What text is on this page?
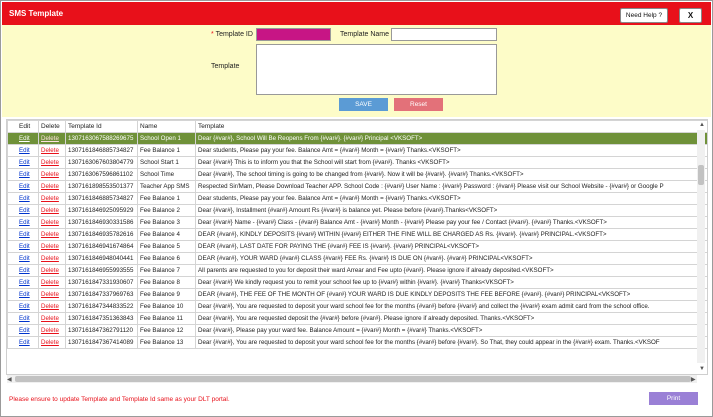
SMS Template	Need Help ?	X
* Template ID	Template Name
Template
SAVE	Reset
Edit	Delete	Template Id	Name	Template
Edit	Delete	1307163067588269675	School Open 1	Dear {#var#}, School Will Be Reopens From {#var#}. {#var#} Principal <VKSOFT>
Edit	Delete	1307161846885734827	Fee Balance 1	Dear students, Please pay your fee. Balance Amt = {#var#} Month = {#var#} Thanks.<VKSOFT>
Edit	Delete	1307163067603804779	School Start 1	Dear {#var#} This is to inform you that the School will start from {#var#}. Thanks <VKSOFT>
Edit	Delete	1307163067596861102	School Time	Dear {#var#}, The school timing is going to be changed from {#var#}. Now it will be {#var#}. {#var#} Thanks.<VKSOFT>
Edit	Delete	1307161898553501377	Teacher App SMS	Respected Sir/Mam, Please Download Teacher APP. School Code : {#var#} User Name : {#var#} Password : {#var#} Please visit our School Website - {#var#} or Google P
Edit	Delete	1307161846885734827	Fee Balance 1	Dear students, Please pay your fee. Balance Amt = {#var#} Month = {#var#} Thanks.<VKSOFT>
Edit	Delete	1307161846925095929	Fee Balance 2	Dear {#var#}, Installment {#var#} Amount Rs {#var#} is balance yet. Please before {#var#}.Thanks<VKSOFT>
Edit	Delete	1307161846930331586	Fee Balance 3	Dear {#var#} Name - {#var#} Class - {#var#} Balance Amt - {#var#} Month - {#var#} Please pay your fee / Contact {#var#}. {#var#} Thanks.<VKSOFT>
Edit	Delete	1307161846935782616	Fee Balance 4	DEAR {#var#}, KINDLY DEPOSITS {#var#} WITHIN {#var#} EITHER THE FINE WILL BE CHARGED AS Rs. {#var#}. {#var#} PRINCIPAL.<VKSOFT>
Edit	Delete	1307161846941674864	Fee Balance 5	DEAR {#var#}, LAST DATE FOR PAYING THE {#var#} FEE IS {#var#}. {#var#} PRINCIPAL<VKSOFT>
Edit	Delete	1307161846948040441	Fee Balance 6	DEAR {#var#}, YOUR WARD {#var#} CLASS {#var#} FEE Rs. {#var#} IS DUE ON {#var#}. {#var#} PRINCIPAL<VKSOFT>
Edit	Delete	1307161846955993555	Fee Balance 7	All parents are requested to you for deposit their ward Arrear and Fee upto {#var#}. Please ignore if already deposited.<VKSOFT>
Edit	Delete	1307161847331930607	Fee Balance 8	Dear {#var#} We kindly request you to remit your school fee up to {#var#} within {#var#}. {#var#} Thanks<VKSOFT>
Edit	Delete	1307161847337969763	Fee Balance 9	DEAR {#var#}, THE FEE OF THE MONTH OF {#var#} YOUR WARD IS DUE KINDLY DEPOSITS THE FEE BEFORE {#var#}. {#var#} PRINCIPAL<VKSOFT>
Edit	Delete	1307161847344833522	Fee Balance 10	Dear {#var#}, You are requested to deposit your ward school fee for the months {#var#} before {#var#} and collect the {#var#} exam admit card from the school office.
Edit	Delete	1307161847351363843	Fee Balance 11	Dear {#var#}, You are requested deposit the {#var#} before {#var#}. Please ignore if already deposited. Thanks.<VKSOFT>
Edit	Delete	1307161847362791120	Fee Balance 12	Dear {#var#}, Please pay your ward fee. Balance Amount = {#var#} Month = {#var#} Thanks.<VKSOFT>
Edit	Delete	1307161847367414089	Fee Balance 13	Dear {#var#}, You are requested to deposit your ward school fee for the months {#var#} before {#var#}. So That, they could appear in the {#var#} exam. Thanks.<VKSOF
▲
▼
◀	▶
Please ensure to update Template and Template Id same as your DLT portal.	Print
